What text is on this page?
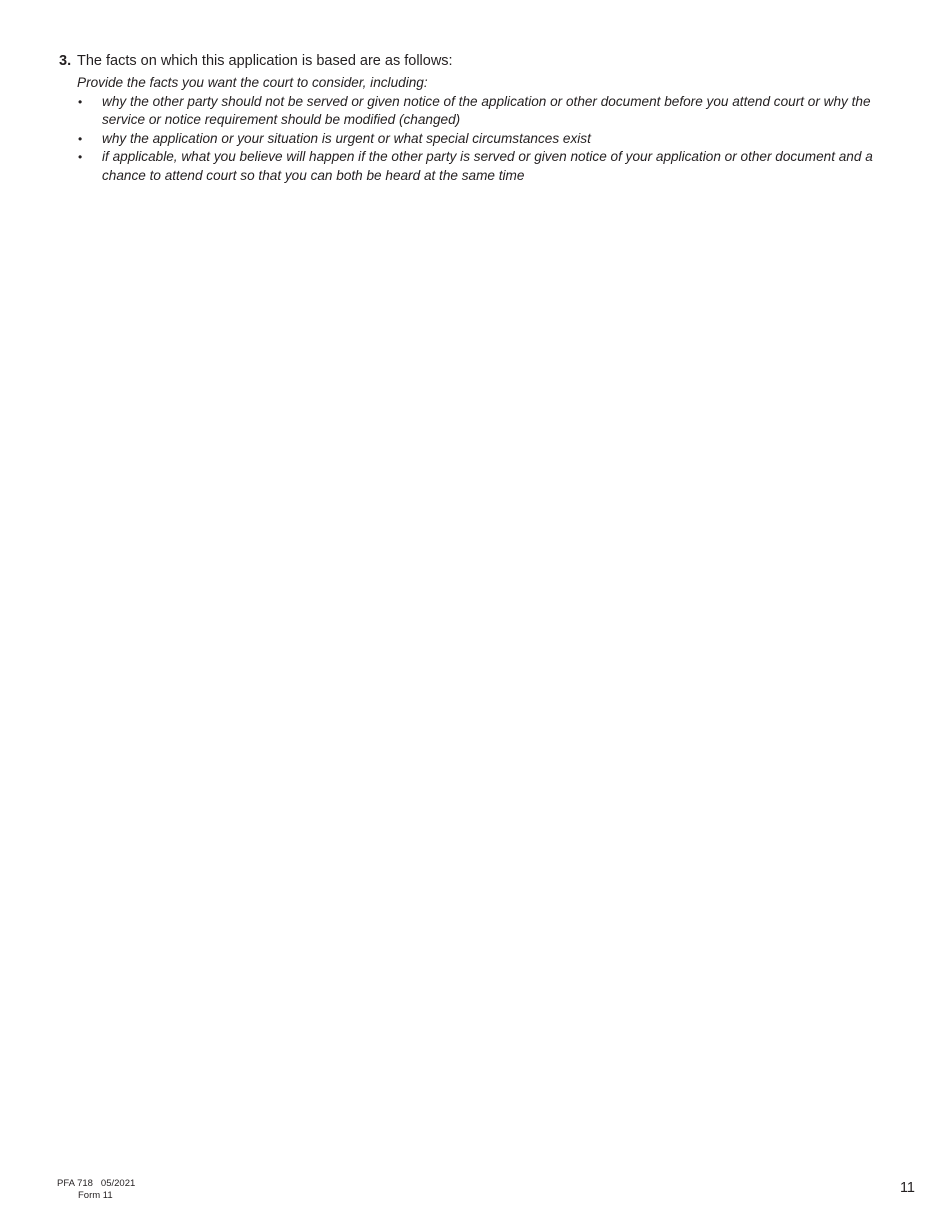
3. The facts on which this application is based are as follows:
Provide the facts you want the court to consider, including:
•	why the other party should not be served or given notice of the application or other document before you attend court or why the service or notice requirement should be modified (changed)
•	why the application or your situation is urgent or what special circumstances exist
•	if applicable, what you believe will happen if the other party is served or given notice of your application or other document and a chance to attend court so that you can both be heard at the same time
PFA 718 05/2021
Form 11	11
